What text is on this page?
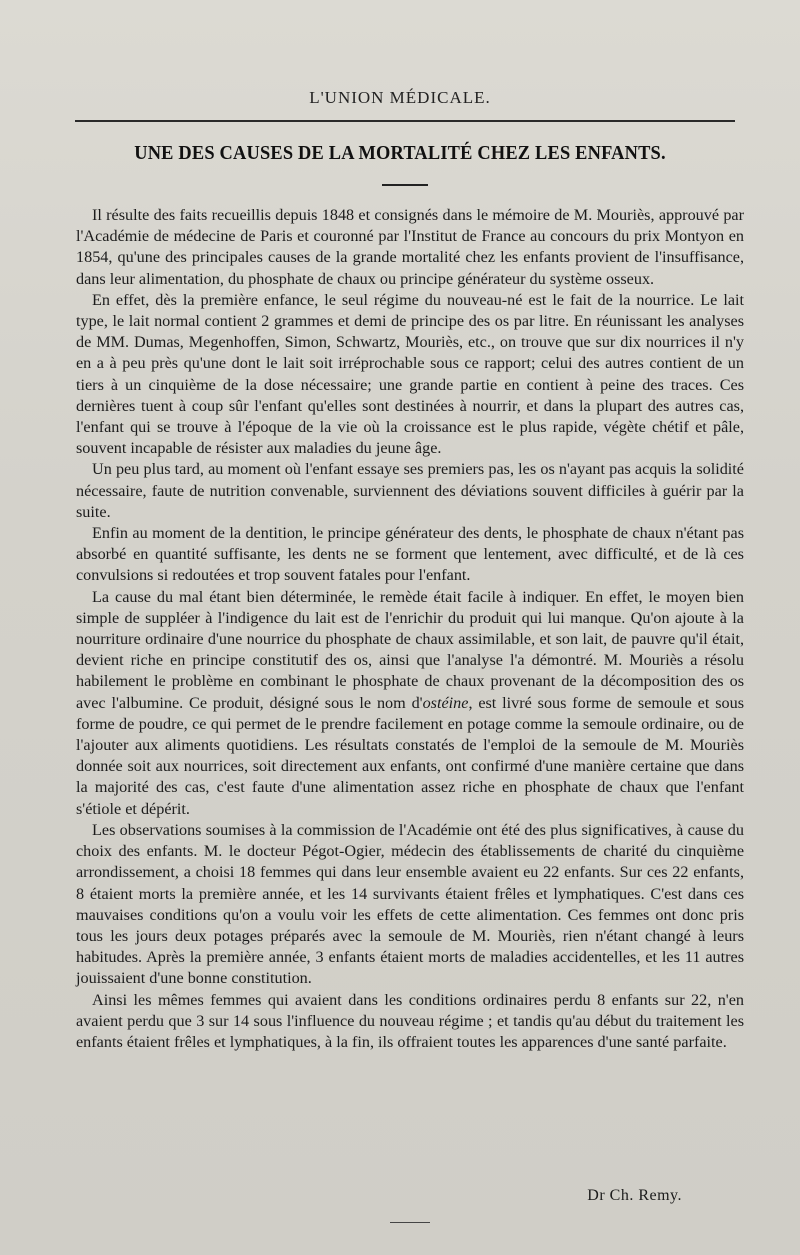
L'UNION MÉDICALE.
UNE DES CAUSES DE LA MORTALITÉ CHEZ LES ENFANTS.

Il résulte des faits recueillis depuis 1848 et consignés dans le mémoire de M. Mouriès, approuvé par l'Académie de médecine de Paris et couronné par l'Institut de France au concours du prix Montyon en 1854, qu'une des principales causes de la grande mortalité chez les enfants provient de l'insuffisance, dans leur alimentation, du phosphate de chaux ou principe générateur du système osseux.

En effet, dès la première enfance, le seul régime du nouveau-né est le fait de la nourrice. Le lait type, le lait normal contient 2 grammes et demi de principe des os par litre. En réunissant les analyses de MM. Dumas, Megenhoffen, Simon, Schwartz, Mouriès, etc., on trouve que sur dix nourrices il n'y en a à peu près qu'une dont le lait soit irréprochable sous ce rapport; celui des autres contient de un tiers à un cinquième de la dose nécessaire; une grande partie en contient à peine des traces. Ces dernières tuent à coup sûr l'enfant qu'elles sont destinées à nourrir, et dans la plupart des autres cas, l'enfant qui se trouve à l'époque de la vie où la croissance est le plus rapide, végète chétif et pâle, souvent incapable de résister aux maladies du jeune âge.

Un peu plus tard, au moment où l'enfant essaye ses premiers pas, les os n'ayant pas acquis la solidité nécessaire, faute de nutrition convenable, surviennent des déviations souvent difficiles à guérir par la suite.

Enfin au moment de la dentition, le principe générateur des dents, le phosphate de chaux n'étant pas absorbé en quantité suffisante, les dents ne se forment que lentement, avec difficulté, et de là ces convulsions si redoutées et trop souvent fatales pour l'enfant.

La cause du mal étant bien déterminée, le remède était facile à indiquer. En effet, le moyen bien simple de suppléer à l'indigence du lait est de l'enrichir du produit qui lui manque. Qu'on ajoute à la nourriture ordinaire d'une nourrice du phosphate de chaux assimilable, et son lait, de pauvre qu'il était, devient riche en principe constitutif des os, ainsi que l'analyse l'a démontré. M. Mouriès a résolu habilement le problème en combinant le phosphate de chaux provenant de la décomposition des os avec l'albumine. Ce produit, désigné sous le nom d'ostéine, est livré sous forme de semoule et sous forme de poudre, ce qui permet de le prendre facilement en potage comme la semoule ordinaire, ou de l'ajouter aux aliments quotidiens. Les résultats constatés de l'emploi de la semoule de M. Mouriès donnée soit aux nourrices, soit directement aux enfants, ont confirmé d'une manière certaine que dans la majorité des cas, c'est faute d'une alimentation assez riche en phosphate de chaux que l'enfant s'étiole et dépérit.

Les observations soumises à la commission de l'Académie ont été des plus significatives, à cause du choix des enfants. M. le docteur Pégot-Ogier, médecin des établissements de charité du cinquième arrondissement, a choisi 18 femmes qui dans leur ensemble avaient eu 22 enfants. Sur ces 22 enfants, 8 étaient morts la première année, et les 14 survivants étaient frêles et lymphatiques. C'est dans ces mauvaises conditions qu'on a voulu voir les effets de cette alimentation. Ces femmes ont donc pris tous les jours deux potages préparés avec la semoule de M. Mouriès, rien n'étant changé à leurs habitudes. Après la première année, 3 enfants étaient morts de maladies accidentelles, et les 11 autres jouissaient d'une bonne constitution.

Ainsi les mêmes femmes qui avaient dans les conditions ordinaires perdu 8 enfants sur 22, n'en avaient perdu que 3 sur 14 sous l'influence du nouveau régime ; et tandis qu'au début du traitement les enfants étaient frêles et lymphatiques, à la fin, ils offraient toutes les apparences d'une santé parfaite.

Dr Ch. Remy.
